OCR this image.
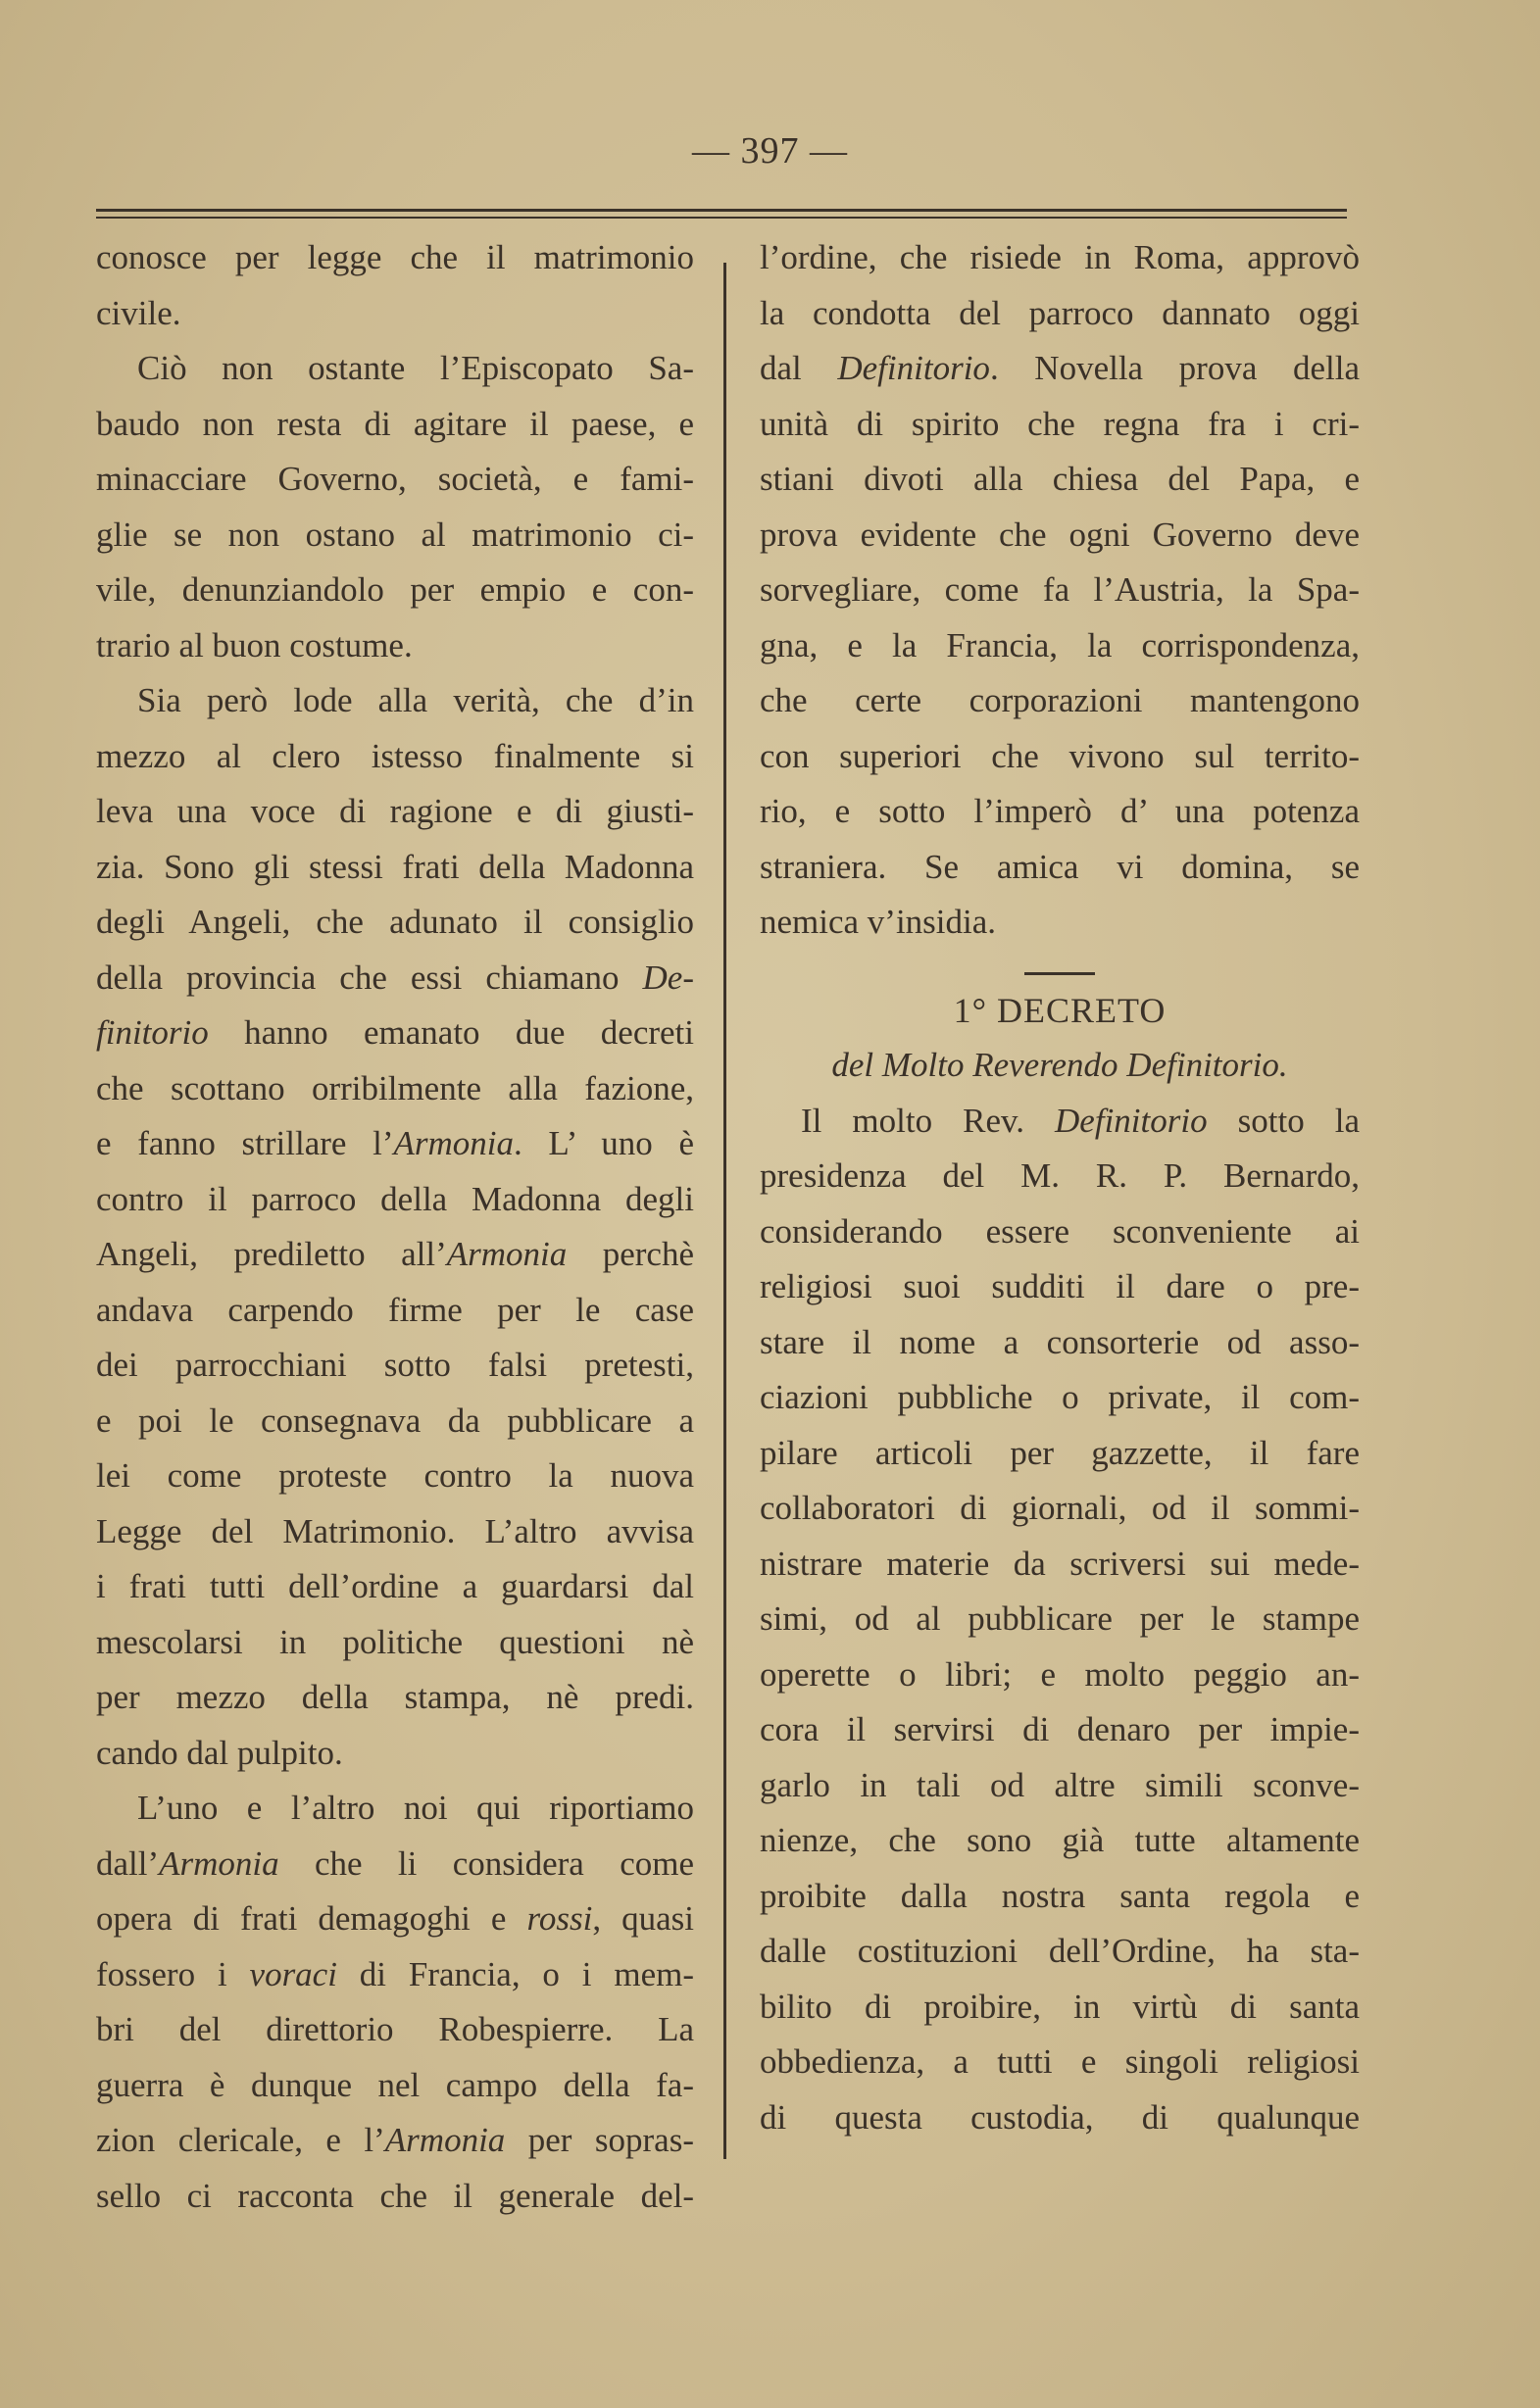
— 397 —
conosce per legge che il matrimonio
civile.
Ciò non ostante l’Episcopato Sa-
baudo non resta di agitare il paese, e
minacciare Governo, società, e fami-
glie se non ostano al matrimonio ci-
vile, denunziandolo per empio e con-
trario al buon costume.
Sia però lode alla verità, che d’in
mezzo al clero istesso finalmente si
leva una voce di ragione e di giusti-
zia. Sono gli stessi frati della Madonna
degli Angeli, che adunato il consiglio
della provincia che essi chiamano De-
finitorio hanno emanato due decreti
che scottano orribilmente alla fazione,
e fanno strillare l’Armonia. L’ uno è
contro il parroco della Madonna degli
Angeli, prediletto all’Armonia perchè
andava carpendo firme per le case
dei parrocchiani sotto falsi pretesti,
e poi le consegnava da pubblicare a
lei come proteste contro la nuova
Legge del Matrimonio. L’altro avvisa
i frati tutti dell’ordine a guardarsi dal
mescolarsi in politiche questioni nè
per mezzo della stampa, nè predi.
cando dal pulpito.
L’uno e l’altro noi qui riportiamo
dall’Armonia che li considera come
opera di frati demagoghi e rossi, quasi
fossero i voraci di Francia, o i mem-
bri del direttorio Robespierre. La
guerra è dunque nel campo della fa-
zion clericale, e l’Armonia per sopras-
sello ci racconta che il generale del-
l’ordine, che risiede in Roma, approvò
la condotta del parroco dannato oggi
dal Definitorio. Novella prova della
unità di spirito che regna fra i cri-
stiani divoti alla chiesa del Papa, e
prova evidente che ogni Governo deve
sorvegliare, come fa l’Austria, la Spa-
gna, e la Francia, la corrispondenza,
che certe corporazioni mantengono
con superiori che vivono sul territo-
rio, e sotto l’imperò d’ una potenza
straniera. Se amica vi domina, se
nemica v’insidia.
1° DECRETO
del Molto Reverendo Definitorio.
Il molto Rev. Definitorio sotto la
presidenza del M. R. P. Bernardo,
considerando essere sconveniente ai
religiosi suoi sudditi il dare o pre-
stare il nome a consorterie od asso-
ciazioni pubbliche o private, il com-
pilare articoli per gazzette, il fare
collaboratori di giornali, od il sommi-
nistrare materie da scriversi sui mede-
simi, od al pubblicare per le stampe
operette o libri; e molto peggio an-
cora il servirsi di denaro per impie-
garlo in tali od altre simili sconve-
nienze, che sono già tutte altamente
proibite dalla nostra santa regola e
dalle costituzioni dell’Ordine, ha sta-
bilito di proibire, in virtù di santa
obbedienza, a tutti e singoli religiosi
di questa custodia, di qualunque
